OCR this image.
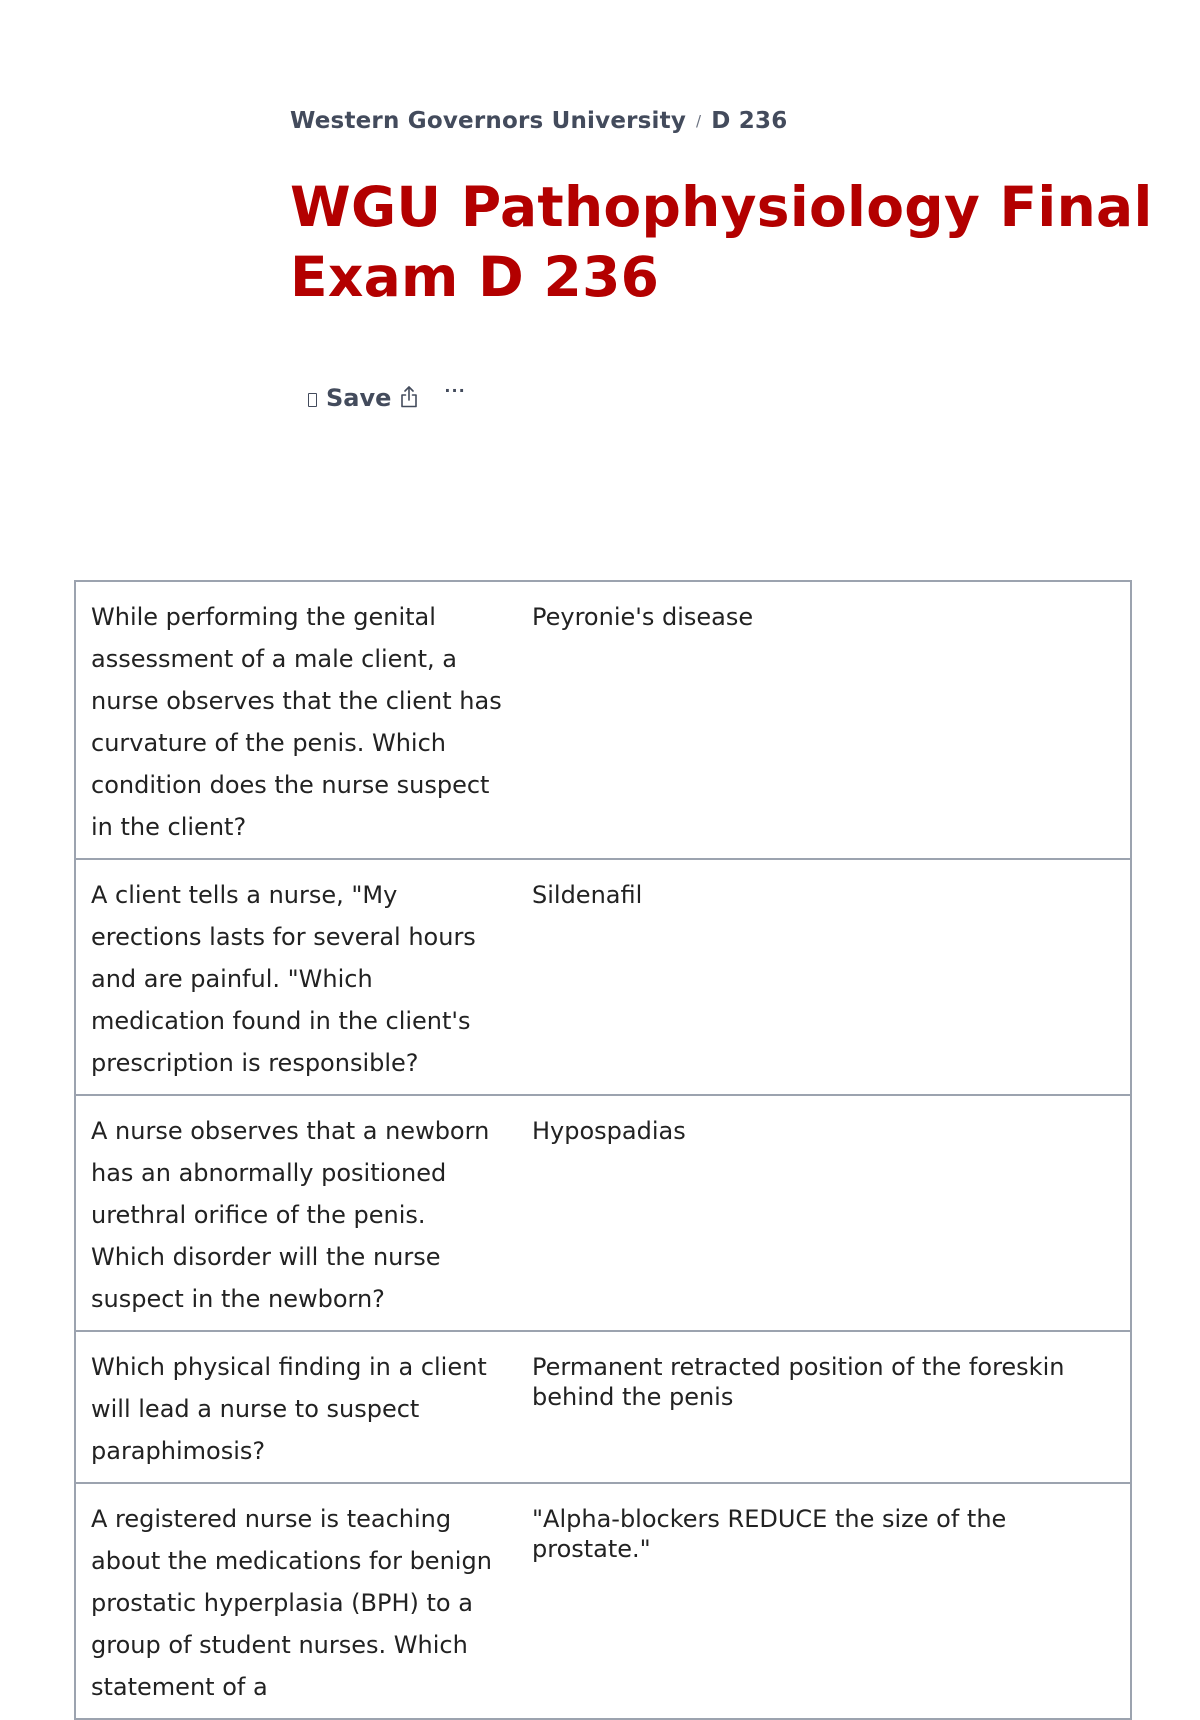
Western Governors University / D 236
WGU Pathophysiology Final Exam D 236
Save	···
While performing the genital assessment of a male client, a nurse observes that the client has curvature of the penis. Which condition does the nurse suspect in the client?	Peyronie's disease
A client tells a nurse, "My erections lasts for several hours and are painful. "Which medication found in the client's prescription is responsible?	Sildenafil
A nurse observes that a newborn has an abnormally positioned urethral orifice of the penis. Which disorder will the nurse suspect in the newborn?	Hypospadias
Which physical finding in a client will lead a nurse to suspect paraphimosis?	Permanent retracted position of the foreskin behind the penis
A registered nurse is teaching about the medications for benign prostatic hyperplasia (BPH) to a group of student nurses. Which statement of a	"Alpha-blockers REDUCE the size of the prostate."
